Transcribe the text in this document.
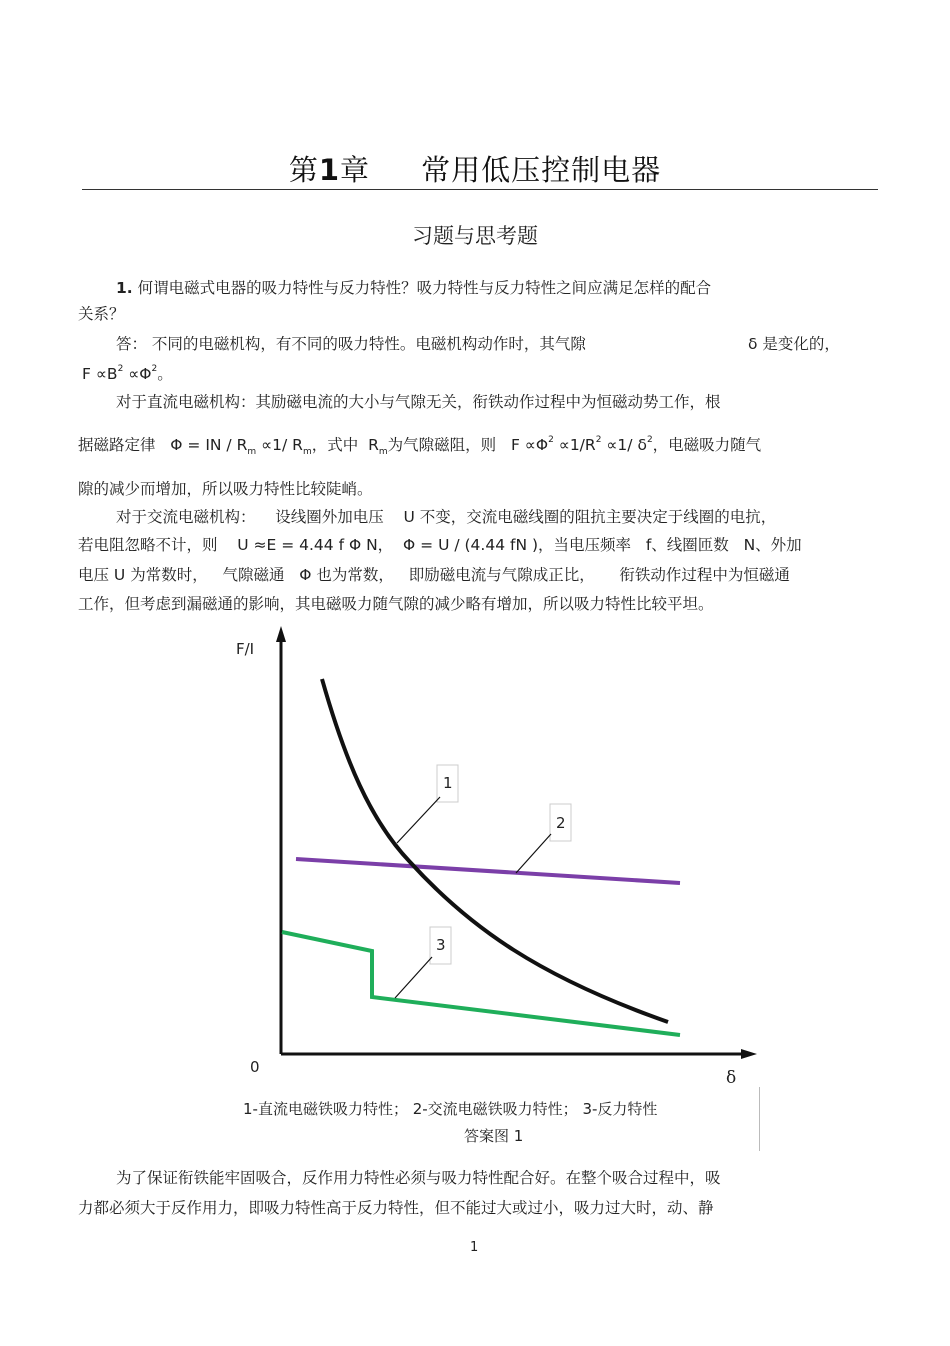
第1章 常用低压控制电器
习题与思考题
1. 何谓电磁式电器的吸力特性与反力特性？吸力特性与反力特性之间应满足怎样的配合
关系？
答： 不同的电磁机构，有不同的吸力特性。电磁机构动作时，其气隙	δ 是变化的，
$F \propto B^2 \propto\Phi^2$。
对于直流电磁机构：其励磁电流的大小与气隙无关，衔铁动作过程中为恒磁动势工作，根
据磁路定律 Φ = IN / $R_m \propto 1/$ $R_m$，式中 $R_m$为气隙磁阻，则 $F \propto\Phi^2 \propto 1/R^2 \propto 1/$ $\delta^2$，电磁吸力随气
隙的减少而增加，所以吸力特性比较陡峭。
对于交流电磁机构： 设线圈外加电压 U 不变，交流电磁线圈的阻抗主要决定于线圈的电抗，
若电阻忽略不计，则 U ≈E = 4.44 f Φ N， Φ = U / (4.44 fN )，当电压频率 f、线圈匝数 N、外加
电压 U 为常数时， 气隙磁通 Φ 也为常数， 即励磁电流与气隙成正比， 衔铁动作过程中为恒磁通
工作，但考虑到漏磁通的影响，其电磁吸力随气隙的减少略有增加，所以吸力特性比较平坦。
1
2
3
F/I
0
δ
1-直流电磁铁吸力特性； 2-交流电磁铁吸力特性； 3-反力特性
答案图 1
为了保证衔铁能牢固吸合，反作用力特性必须与吸力特性配合好。在整个吸合过程中，吸
力都必须大于反作用力，即吸力特性高于反力特性，但不能过大或过小，吸力过大时，动、静
1
